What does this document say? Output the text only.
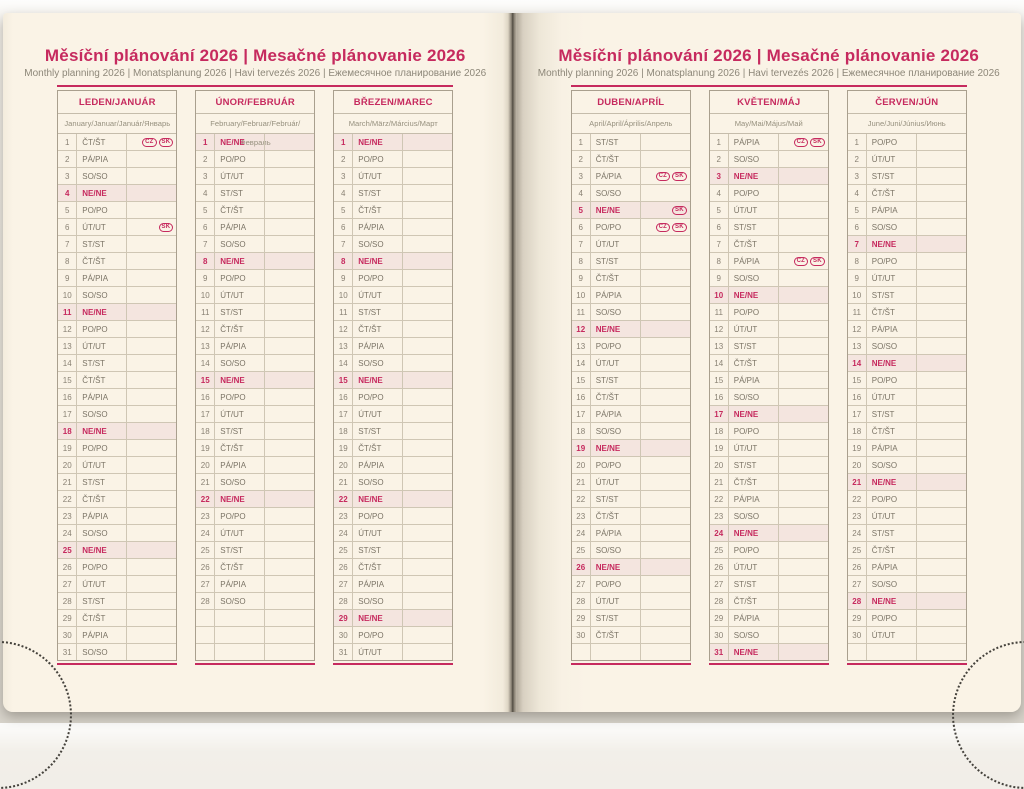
Měsíční plánování 2026 | Mesačné plánovanie 2026
Monthly planning 2026 | Monatsplanung 2026 | Havi tervezés 2026 | Ежемесячное планирование 2026
LEDEN/JANUÁR
January/Januar/Január/Январь
1	ČT/ŠT	CZ	SK
2	PÁ/PIA
3	SO/SO
4	NE/NE
5	PO/PO
6	ÚT/UT	SK
7	ST/ST
8	ČT/ŠT
9	PÁ/PIA
10	SO/SO
11	NE/NE
12	PO/PO
13	ÚT/UT
14	ST/ST
15	ČT/ŠT
16	PÁ/PIA
17	SO/SO
18	NE/NE
19	PO/PO
20	ÚT/UT
21	ST/ST
22	ČT/ŠT
23	PÁ/PIA
24	SO/SO
25	NE/NE
26	PO/PO
27	ÚT/UT
28	ST/ST
29	ČT/ŠT
30	PÁ/PIA
31	SO/SO
ÚNOR/FEBRUÁR
February/Februar/Február/Февраль
1	NE/NE
2	PO/PO
3	ÚT/UT
4	ST/ST
5	ČT/ŠT
6	PÁ/PIA
7	SO/SO
8	NE/NE
9	PO/PO
10	ÚT/UT
11	ST/ST
12	ČT/ŠT
13	PÁ/PIA
14	SO/SO
15	NE/NE
16	PO/PO
17	ÚT/UT
18	ST/ST
19	ČT/ŠT
20	PÁ/PIA
21	SO/SO
22	NE/NE
23	PO/PO
24	ÚT/UT
25	ST/ST
26	ČT/ŠT
27	PÁ/PIA
28	SO/SO
BŘEZEN/MAREC
March/März/Március/Март
1	NE/NE
2	PO/PO
3	ÚT/UT
4	ST/ST
5	ČT/ŠT
6	PÁ/PIA
7	SO/SO
8	NE/NE
9	PO/PO
10	ÚT/UT
11	ST/ST
12	ČT/ŠT
13	PÁ/PIA
14	SO/SO
15	NE/NE
16	PO/PO
17	ÚT/UT
18	ST/ST
19	ČT/ŠT
20	PÁ/PIA
21	SO/SO
22	NE/NE
23	PO/PO
24	ÚT/UT
25	ST/ST
26	ČT/ŠT
27	PÁ/PIA
28	SO/SO
29	NE/NE
30	PO/PO
31	ÚT/UT
Měsíční plánování 2026 | Mesačné plánovanie 2026
Monthly planning 2026 | Monatsplanung 2026 | Havi tervezés 2026 | Ежемесячное планирование 2026
DUBEN/APRÍL
April/April/Április/Апрель
1	ST/ST
2	ČT/ŠT
3	PÁ/PIA	CZ	SK
4	SO/SO
5	NE/NE	SK
6	PO/PO	CZ	SK
7	ÚT/UT
8	ST/ST
9	ČT/ŠT
10	PÁ/PIA
11	SO/SO
12	NE/NE
13	PO/PO
14	ÚT/UT
15	ST/ST
16	ČT/ŠT
17	PÁ/PIA
18	SO/SO
19	NE/NE
20	PO/PO
21	ÚT/UT
22	ST/ST
23	ČT/ŠT
24	PÁ/PIA
25	SO/SO
26	NE/NE
27	PO/PO
28	ÚT/UT
29	ST/ST
30	ČT/ŠT
KVĚTEN/MÁJ
May/Mai/Május/Май
1	PÁ/PIA	CZ	SK
2	SO/SO
3	NE/NE
4	PO/PO
5	ÚT/UT
6	ST/ST
7	ČT/ŠT
8	PÁ/PIA	CZ	SK
9	SO/SO
10	NE/NE
11	PO/PO
12	ÚT/UT
13	ST/ST
14	ČT/ŠT
15	PÁ/PIA
16	SO/SO
17	NE/NE
18	PO/PO
19	ÚT/UT
20	ST/ST
21	ČT/ŠT
22	PÁ/PIA
23	SO/SO
24	NE/NE
25	PO/PO
26	ÚT/UT
27	ST/ST
28	ČT/ŠT
29	PÁ/PIA
30	SO/SO
31	NE/NE
ČERVEN/JÚN
June/Juni/Június/Июнь
1	PO/PO
2	ÚT/UT
3	ST/ST
4	ČT/ŠT
5	PÁ/PIA
6	SO/SO
7	NE/NE
8	PO/PO
9	ÚT/UT
10	ST/ST
11	ČT/ŠT
12	PÁ/PIA
13	SO/SO
14	NE/NE
15	PO/PO
16	ÚT/UT
17	ST/ST
18	ČT/ŠT
19	PÁ/PIA
20	SO/SO
21	NE/NE
22	PO/PO
23	ÚT/UT
24	ST/ST
25	ČT/ŠT
26	PÁ/PIA
27	SO/SO
28	NE/NE
29	PO/PO
30	ÚT/UT
